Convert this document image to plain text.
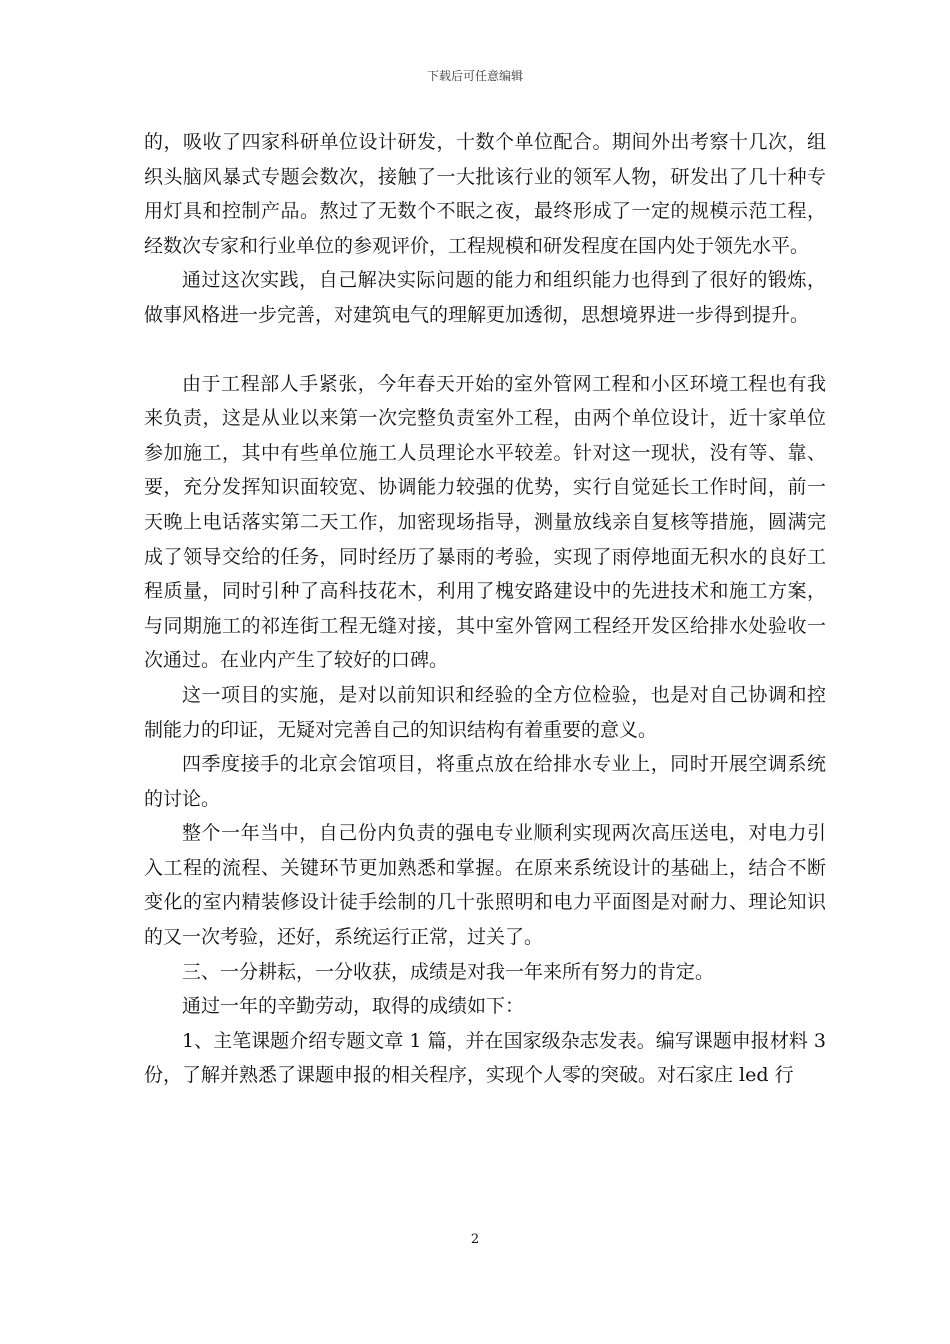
下载后可任意编辑

的，吸收了四家科研单位设计研发，十数个单位配合。期间外出考察十几次，组织头脑风暴式专题会数次，接触了一大批该行业的领军人物，研发出了几十种专用灯具和控制产品。熬过了无数个不眠之夜，最终形成了一定的规模示范工程，经数次专家和行业单位的参观评价，工程规模和研发程度在国内处于领先水平。

通过这次实践，自己解决实际问题的能力和组织能力也得到了很好的锻炼，做事风格进一步完善，对建筑电气的理解更加透彻，思想境界进一步得到提升。

由于工程部人手紧张，今年春天开始的室外管网工程和小区环境工程也有我来负责，这是从业以来第一次完整负责室外工程，由两个单位设计，近十家单位参加施工，其中有些单位施工人员理论水平较差。针对这一现状，没有等、靠、要，充分发挥知识面较宽、协调能力较强的优势，实行自觉延长工作时间，前一天晚上电话落实第二天工作，加密现场指导，测量放线亲自复核等措施，圆满完成了领导交给的任务，同时经历了暴雨的考验，实现了雨停地面无积水的良好工程质量，同时引种了高科技花木，利用了槐安路建设中的先进技术和施工方案，与同期施工的祁连街工程无缝对接，其中室外管网工程经开发区给排水处验收一次通过。在业内产生了较好的口碑。

这一项目的实施，是对以前知识和经验的全方位检验，也是对自己协调和控制能力的印证，无疑对完善自己的知识结构有着重要的意义。

四季度接手的北京会馆项目，将重点放在给排水专业上，同时开展空调系统的讨论。

整个一年当中，自己份内负责的强电专业顺利实现两次高压送电，对电力引入工程的流程、关键环节更加熟悉和掌握。在原来系统设计的基础上，结合不断变化的室内精装修设计徒手绘制的几十张照明和电力平面图是对耐力、理论知识的又一次考验，还好，系统运行正常，过关了。

三、一分耕耘，一分收获，成绩是对我一年来所有努力的肯定。

通过一年的辛勤劳动，取得的成绩如下：

1、主笔课题介绍专题文章 1 篇，并在国家级杂志发表。编写课题申报材料 3 份，了解并熟悉了课题申报的相关程序，实现个人零的突破。对石家庄 led 行

2
